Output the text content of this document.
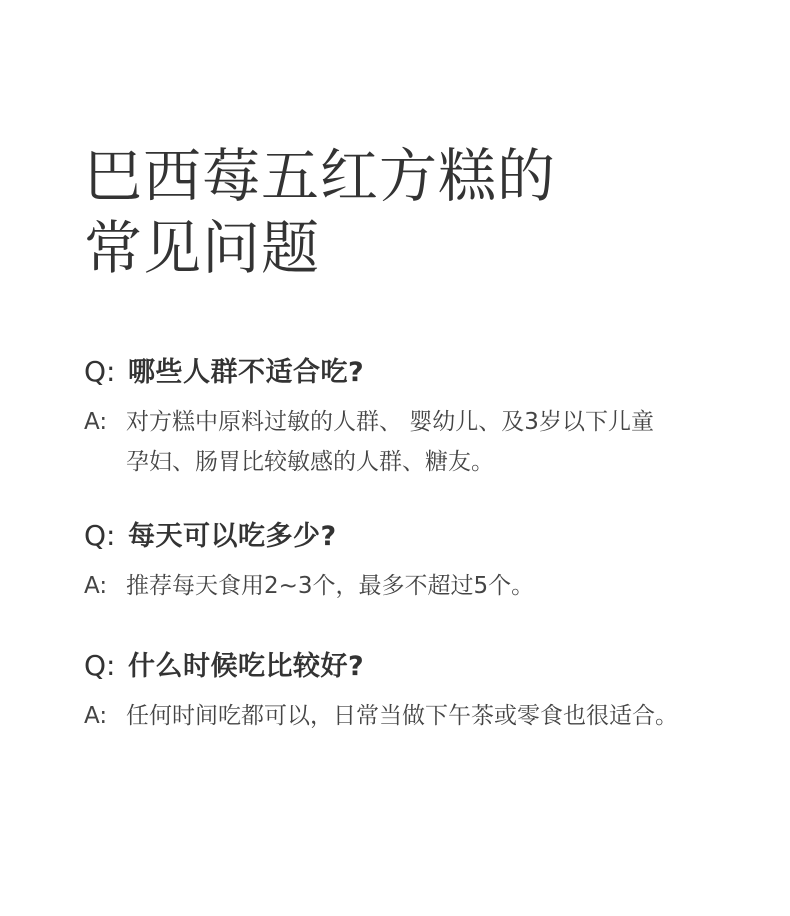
巴西莓五红方糕的
常见问题
Q: 哪些人群不适合吃?
A: 对方糕中原料过敏的人群、 婴幼儿、及3岁以下儿童
孕妇、肠胃比较敏感的人群、糖友。
Q: 每天可以吃多少?
A: 推荐每天食用2~3个，最多不超过5个。
Q: 什么时候吃比较好?
A: 任何时间吃都可以，日常当做下午茶或零食也很适合。
